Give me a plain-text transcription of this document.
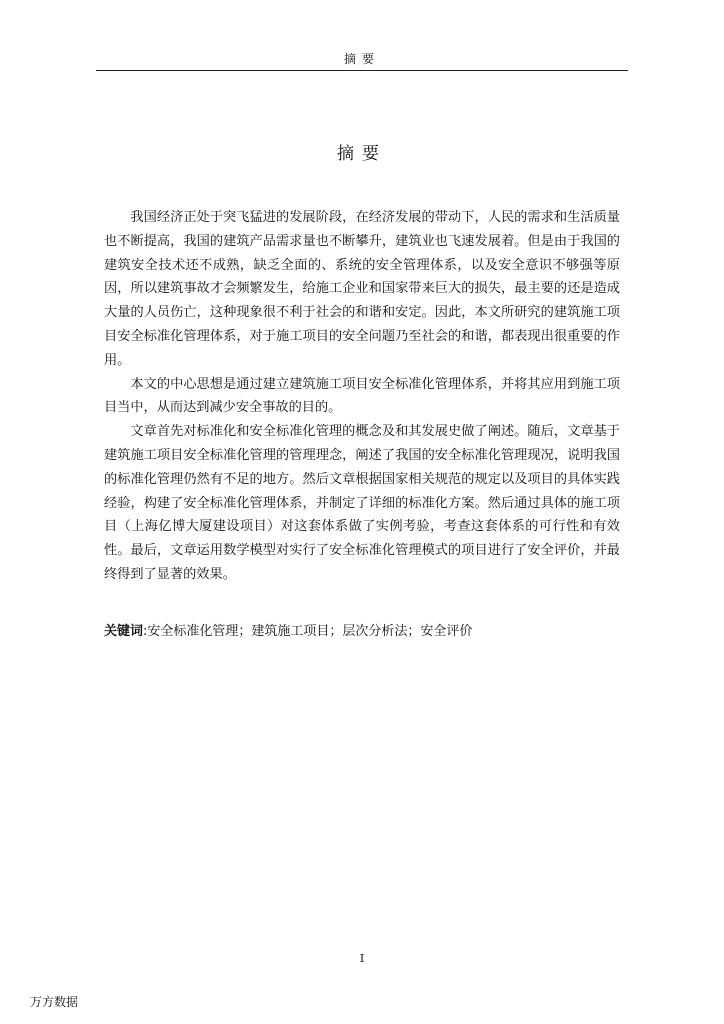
摘要
摘要

我国经济正处于突飞猛进的发展阶段，在经济发展的带动下，人民的需求和生活质量也不断提高，我国的建筑产品需求量也不断攀升，建筑业也飞速发展着。但是由于我国的建筑安全技术还不成熟，缺乏全面的、系统的安全管理体系，以及安全意识不够强等原因，所以建筑事故才会频繁发生，给施工企业和国家带来巨大的损失，最主要的还是造成大量的人员伤亡，这种现象很不利于社会的和谐和安定。因此，本文所研究的建筑施工项目安全标准化管理体系，对于施工项目的安全问题乃至社会的和谐，都表现出很重要的作用。

本文的中心思想是通过建立建筑施工项目安全标准化管理体系，并将其应用到施工项目当中，从而达到减少安全事故的目的。

文章首先对标准化和安全标准化管理的概念及和其发展史做了阐述。随后，文章基于建筑施工项目安全标准化管理的管理理念，阐述了我国的安全标准化管理现况，说明我国的标准化管理仍然有不足的地方。然后文章根据国家相关规范的规定以及项目的具体实践经验，构建了安全标准化管理体系，并制定了详细的标准化方案。然后通过具体的施工项目（上海亿博大厦建设项目）对这套体系做了实例考验，考查这套体系的可行性和有效性。最后，文章运用数学模型对实行了安全标准化管理模式的项目进行了安全评价，并最终得到了显著的效果。

关键词:安全标准化管理；建筑施工项目；层次分析法；安全评价
I
万方数据
